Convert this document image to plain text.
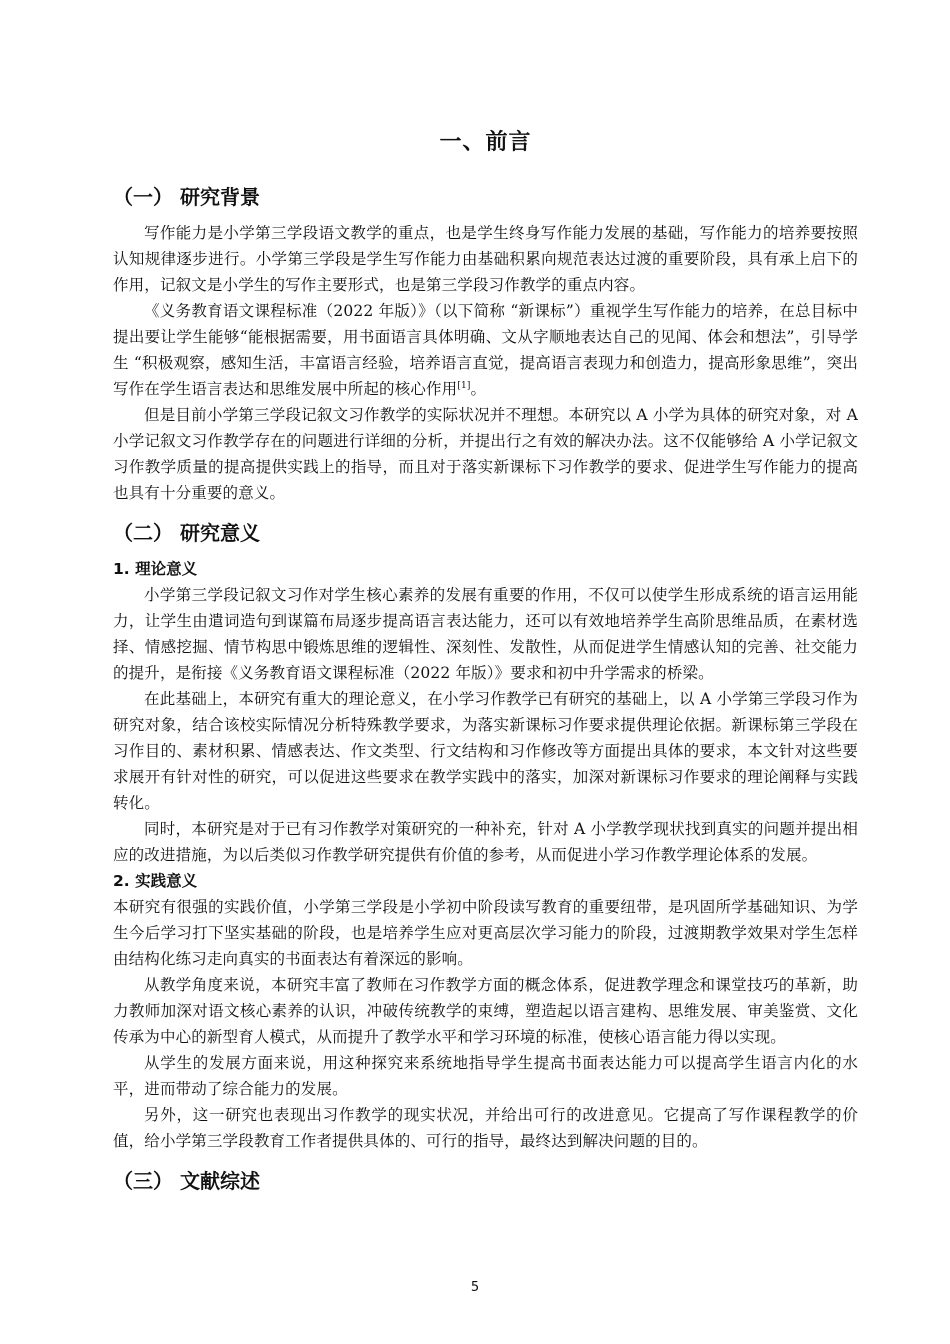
一、前言
（一） 研究背景

写作能力是小学第三学段语文教学的重点，也是学生终身写作能力发展的基础，写作能力的培养要按照认知规律逐步进行。小学第三学段是学生写作能力由基础积累向规范表达过渡的重要阶段，具有承上启下的作用，记叙文是小学生的写作主要形式，也是第三学段习作教学的重点内容。

《义务教育语文课程标准（2022 年版）》（以下简称 “新课标”）重视学生写作能力的培养，在总目标中提出要让学生能够“能根据需要，用书面语言具体明确、文从字顺地表达自己的见闻、体会和想法”，引导学生 “积极观察，感知生活，丰富语言经验，培养语言直觉，提高语言表现力和创造力，提高形象思维”，突出写作在学生语言表达和思维发展中所起的核心作用[1]。

但是目前小学第三学段记叙文习作教学的实际状况并不理想。本研究以 A 小学为具体的研究对象，对 A 小学记叙文习作教学存在的问题进行详细的分析，并提出行之有效的解决办法。这不仅能够给 A 小学记叙文习作教学质量的提高提供实践上的指导，而且对于落实新课标下习作教学的要求、促进学生写作能力的提高也具有十分重要的意义。

（二） 研究意义
1. 理论意义

小学第三学段记叙文习作对学生核心素养的发展有重要的作用，不仅可以使学生形成系统的语言运用能力，让学生由遣词造句到谋篇布局逐步提高语言表达能力，还可以有效地培养学生高阶思维品质，在素材选择、情感挖掘、情节构思中锻炼思维的逻辑性、深刻性、发散性，从而促进学生情感认知的完善、社交能力的提升，是衔接《义务教育语文课程标准（2022 年版）》要求和初中升学需求的桥梁。

在此基础上，本研究有重大的理论意义，在小学习作教学已有研究的基础上，以 A 小学第三学段习作为研究对象，结合该校实际情况分析特殊教学要求，为落实新课标习作要求提供理论依据。新课标第三学段在习作目的、素材积累、情感表达、作文类型、行文结构和习作修改等方面提出具体的要求，本文针对这些要求展开有针对性的研究，可以促进这些要求在教学实践中的落实，加深对新课标习作要求的理论阐释与实践转化。

同时，本研究是对于已有习作教学对策研究的一种补充，针对 A 小学教学现状找到真实的问题并提出相应的改进措施，为以后类似习作教学研究提供有价值的参考，从而促进小学习作教学理论体系的发展。

2. 实践意义

本研究有很强的实践价值，小学第三学段是小学初中阶段读写教育的重要纽带，是巩固所学基础知识、为学生今后学习打下坚实基础的阶段，也是培养学生应对更高层次学习能力的阶段，过渡期教学效果对学生怎样由结构化练习走向真实的书面表达有着深远的影响。

从教学角度来说，本研究丰富了教师在习作教学方面的概念体系，促进教学理念和课堂技巧的革新，助力教师加深对语文核心素养的认识，冲破传统教学的束缚，塑造起以语言建构、思维发展、审美鉴赏、文化传承为中心的新型育人模式，从而提升了教学水平和学习环境的标准，使核心语言能力得以实现。

从学生的发展方面来说，用这种探究来系统地指导学生提高书面表达能力可以提高学生语言内化的水平，进而带动了综合能力的发展。

另外，这一研究也表现出习作教学的现实状况，并给出可行的改进意见。它提高了写作课程教学的价值，给小学第三学段教育工作者提供具体的、可行的指导，最终达到解决问题的目的。

（三） 文献综述
5
